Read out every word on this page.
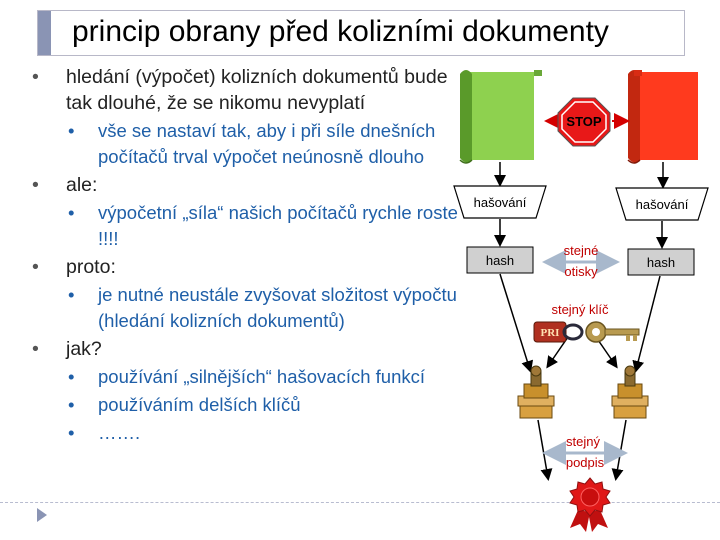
princip obrany před kolizními dokumenty
• hledání (výpočet) kolizních dokumentů bude tak dlouhé, že se nikomu nevyplatí
• vše se nastaví tak, aby i při síle dnešních počítačů trval výpočet neúnosně dlouho
• ale:
• výpočetní „síla“ našich počítačů rychle roste !!!!
• proto:
• je nutné neustále zvyšovat složitost výpočtu (hledání kolizních dokumentů)
• jak?
• používání „silnějších“ hašovacích funkcí
• používáním delších klíčů
• …….
STOP
hašování	hašování
hash	hash
stejné
otisky
stejný klíč
PRI
stejný
podpis
